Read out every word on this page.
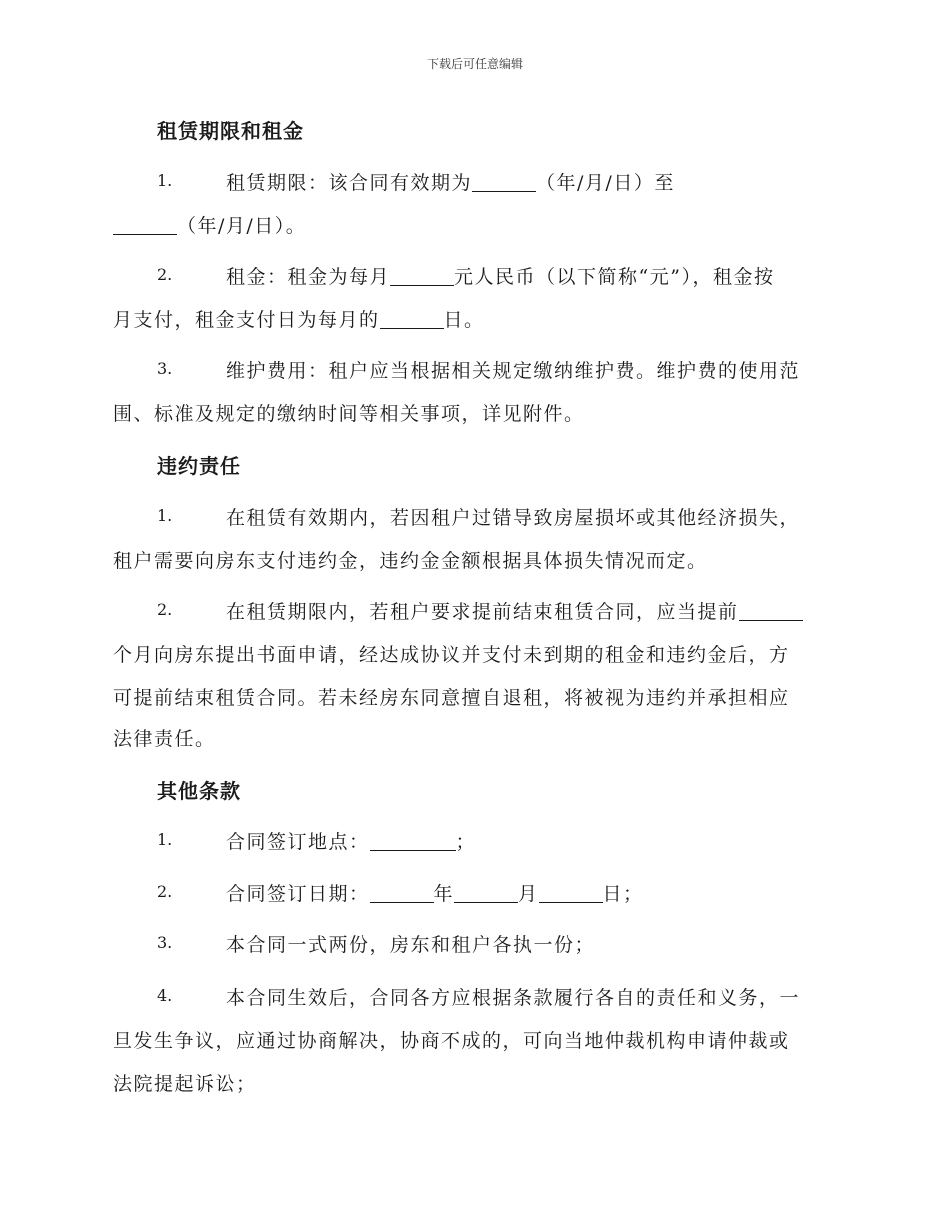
下载后可任意编辑
租赁期限和租金
1.	租赁期限：该合同有效期为	（年/月/日）至
（年/月/日）。
2.	租金：租金为每月	元人民币（以下简称“元”），租金按
月支付，租金支付日为每月的	日。
3.	维护费用：租户应当根据相关规定缴纳维护费。维护费的使用范
围、标准及规定的缴纳时间等相关事项，详见附件。
违约责任
1.	在租赁有效期内，若因租户过错导致房屋损坏或其他经济损失，
租户需要向房东支付违约金，违约金金额根据具体损失情况而定。
2.	在租赁期限内，若租户要求提前结束租赁合同，应当提前
个月向房东提出书面申请，经达成协议并支付未到期的租金和违约金后，方
可提前结束租赁合同。若未经房东同意擅自退租，将被视为违约并承担相应
法律责任。
其他条款
1.	合同签订地点：	；
2.	合同签订日期：	年	月	日；
3.	本合同一式两份，房东和租户各执一份；
4.	本合同生效后，合同各方应根据条款履行各自的责任和义务，一
旦发生争议，应通过协商解决，协商不成的，可向当地仲裁机构申请仲裁或
法院提起诉讼；
